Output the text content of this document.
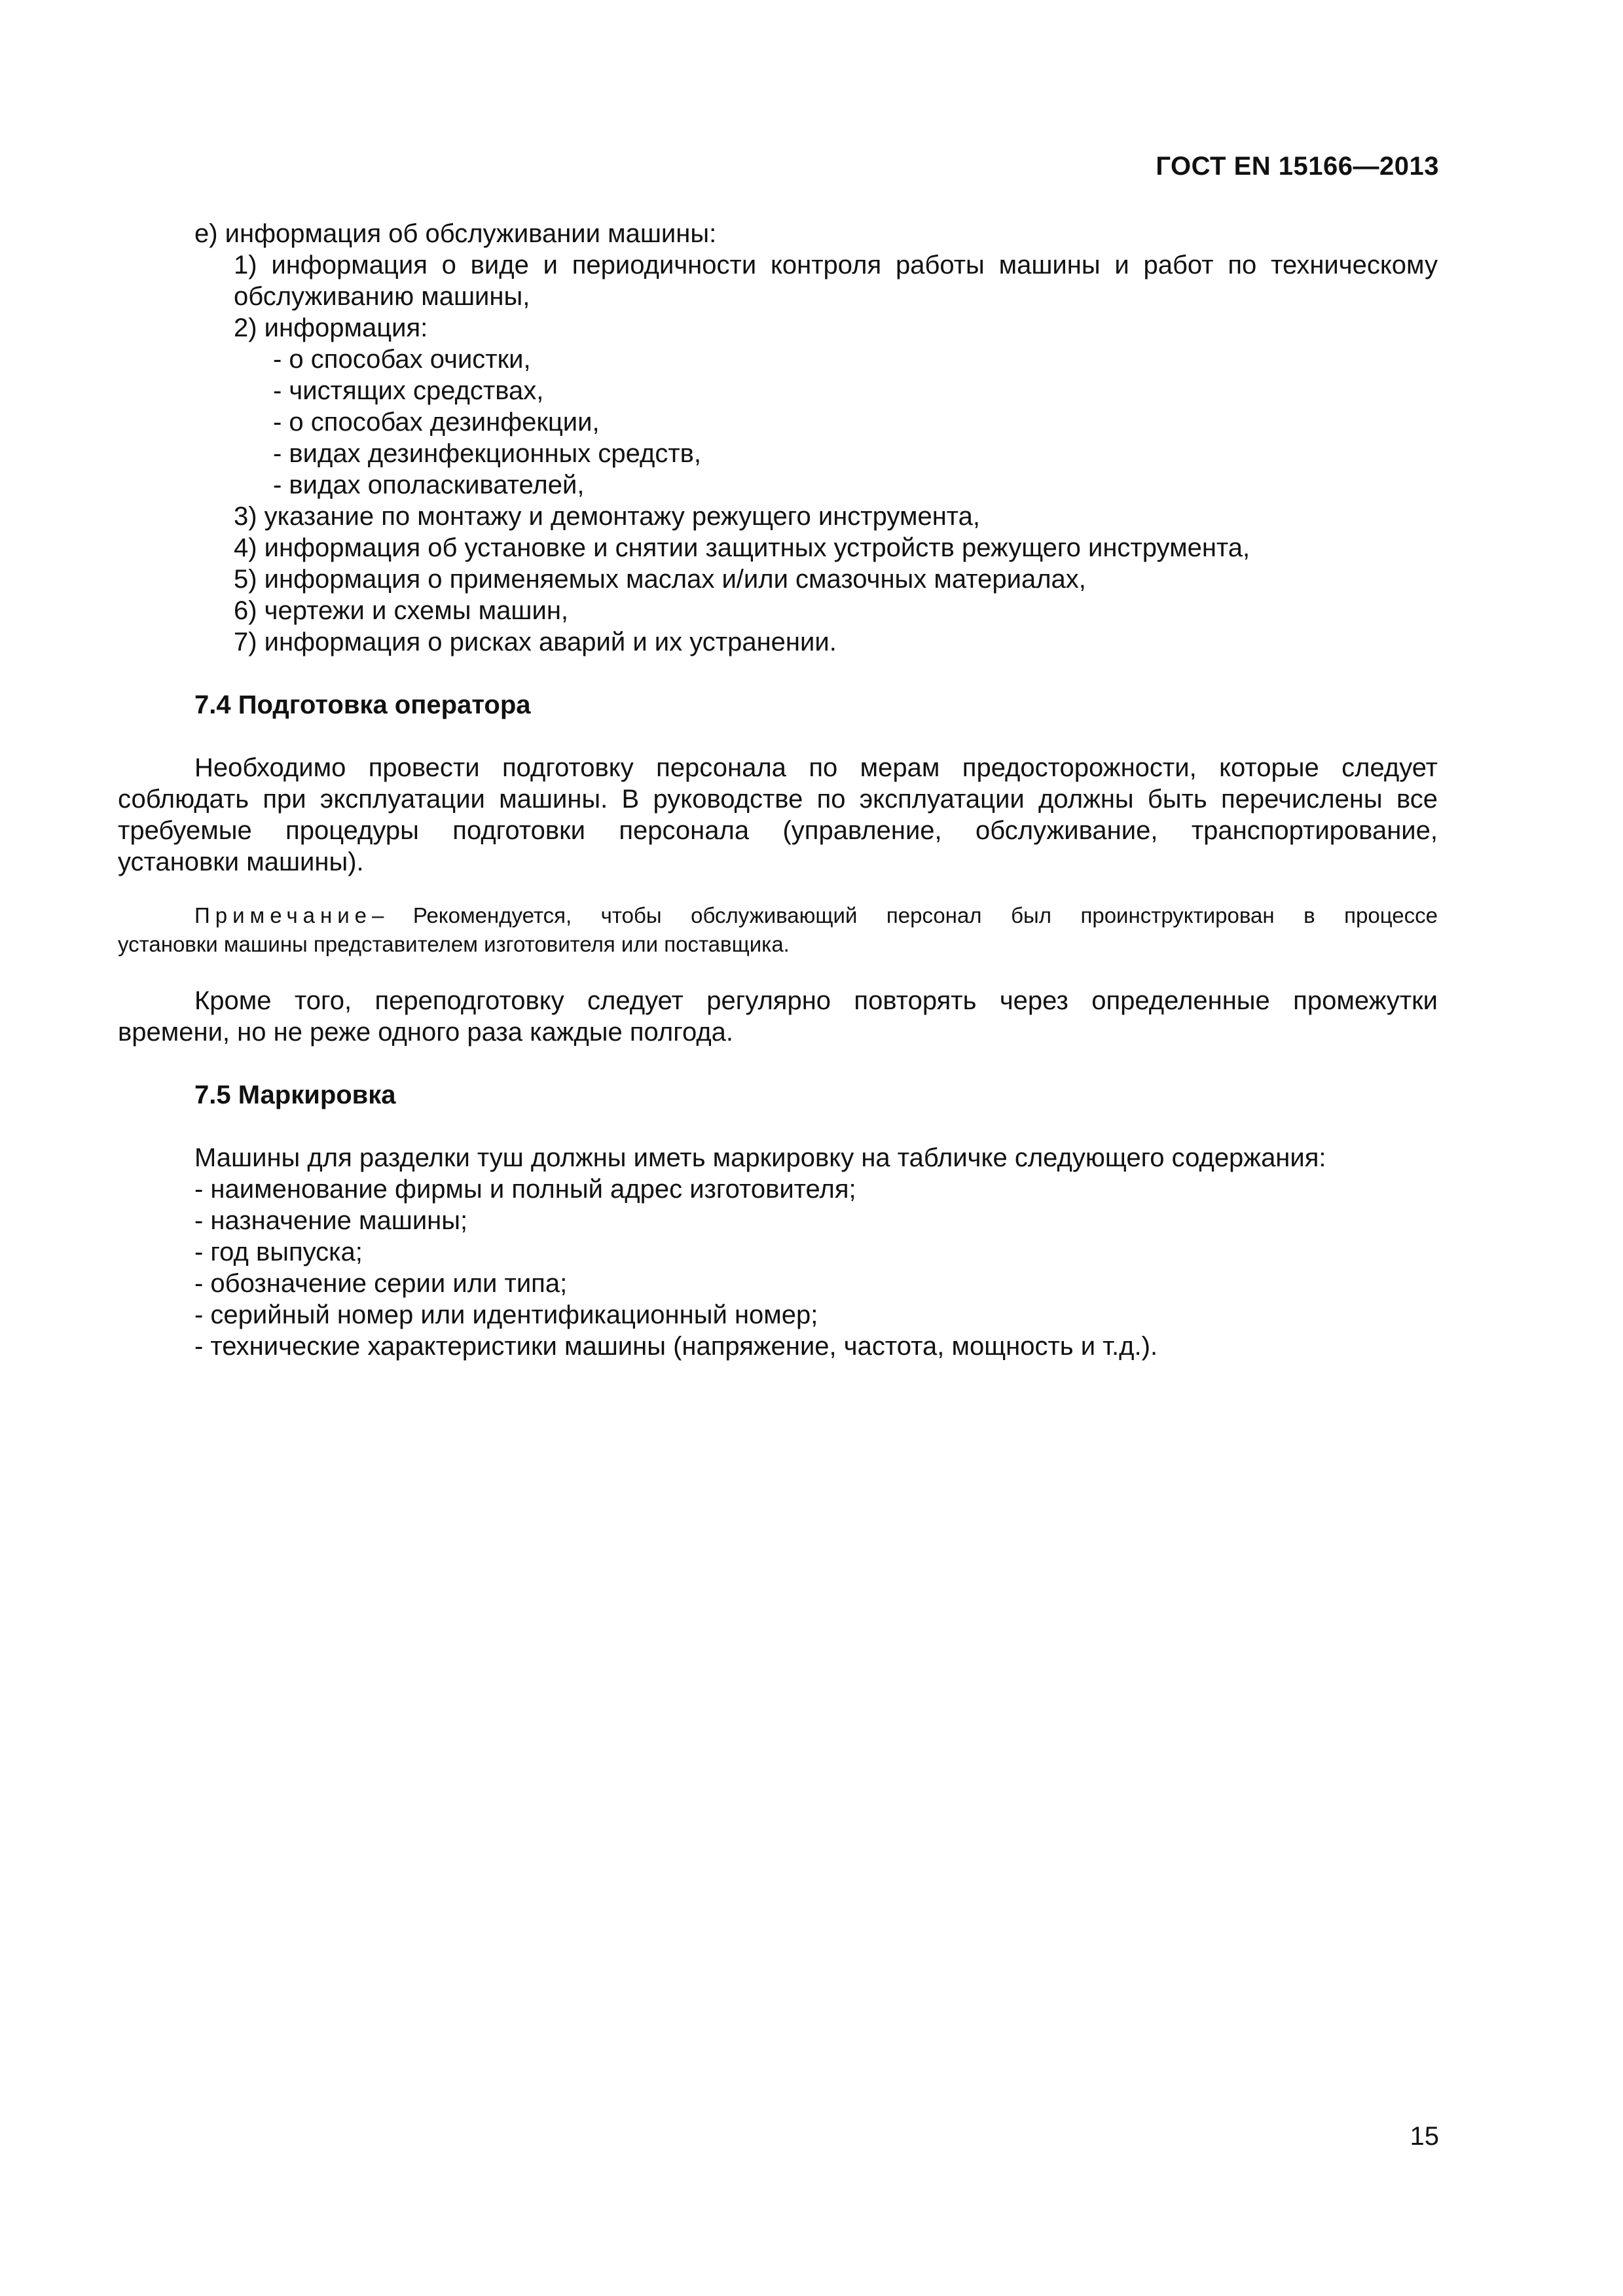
ГОСТ EN 15166—2013
е) информация об обслуживании машины:
1) информация о виде и периодичности контроля работы машины и работ по техническому
обслуживанию машины,
2) информация:
- о способах очистки,
- чистящих средствах,
- о способах дезинфекции,
- видах дезинфекционных средств,
- видах ополаскивателей,
3) указание по монтажу и демонтажу режущего инструмента,
4) информация об установке и снятии защитных устройств режущего инструмента,
5) информация о применяемых маслах и/или смазочных материалах,
6) чертежи и схемы машин,
7) информация о рисках аварий и их устранении.
7.4 Подготовка оператора
Необходимо провести подготовку персонала по мерам предосторожности, которые следует
соблюдать при эксплуатации машины. В руководстве по эксплуатации должны быть перечислены все
требуемые процедуры подготовки персонала (управление, обслуживание, транспортирование,
установки машины).
Примечание– Рекомендуется, чтобы обслуживающий персонал был проинструктирован в процессе
установки машины представителем изготовителя или поставщика.
Кроме того, переподготовку следует регулярно повторять через определенные промежутки
времени, но не реже одного раза каждые полгода.
7.5 Маркировка
Машины для разделки туш должны иметь маркировку на табличке следующего содержания:
- наименование фирмы и полный адрес изготовителя;
- назначение машины;
- год выпуска;
- обозначение серии или типа;
- серийный номер или идентификационный номер;
- технические характеристики машины (напряжение, частота, мощность и т.д.).
15
